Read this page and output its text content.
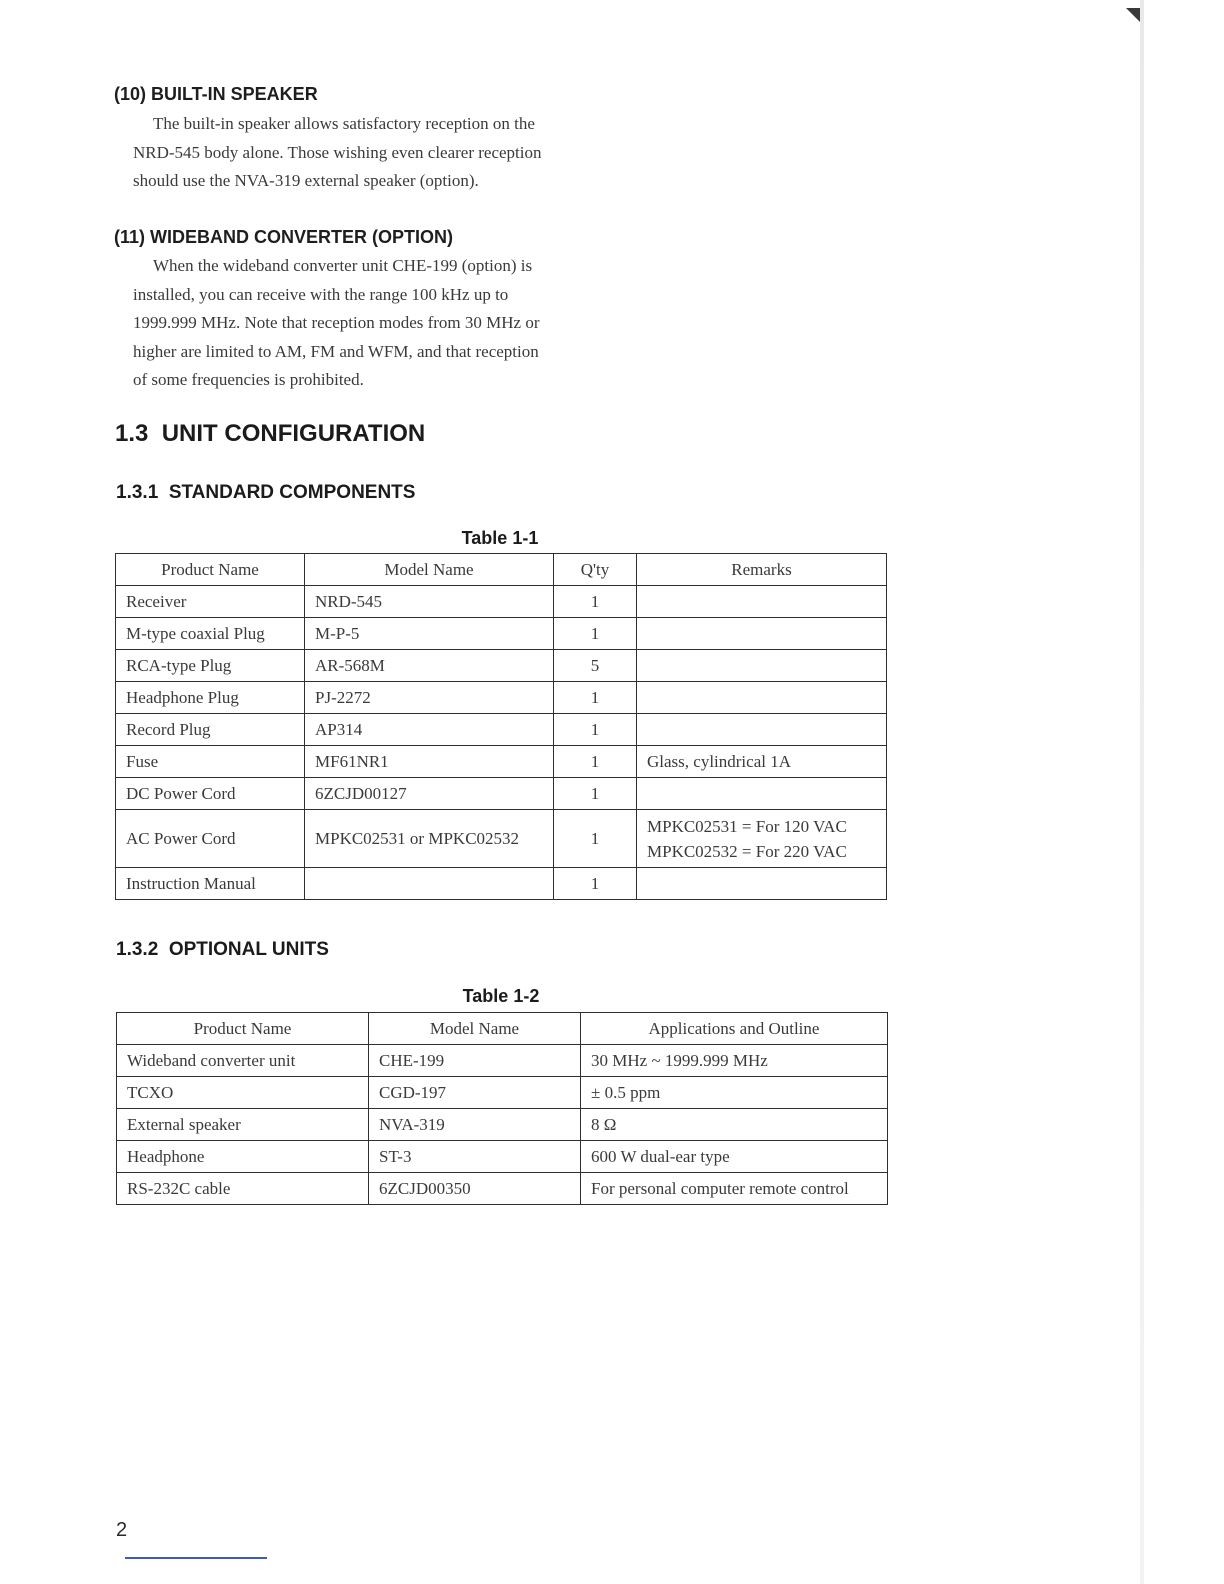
(10) BUILT-IN SPEAKER
The built-in speaker allows satisfactory reception on the
NRD-545 body alone. Those wishing even clearer reception
should use the NVA-319 external speaker (option).
(11) WIDEBAND CONVERTER (OPTION)
When the wideband converter unit CHE-199 (option) is
installed, you can receive with the range 100 kHz up to
1999.999 MHz. Note that reception modes from 30 MHz or
higher are limited to AM, FM and WFM, and that reception
of some frequencies is prohibited.
1.3  UNIT CONFIGURATION
1.3.1  STANDARD COMPONENTS
Table 1-1
Product Name	Model Name	Q'ty	Remarks
Receiver	NRD-545	1	
M-type coaxial Plug	M-P-5	1	
RCA-type Plug	AR-568M	5	
Headphone Plug	PJ-2272	1	
Record Plug	AP314	1	
Fuse	MF61NR1	1	Glass, cylindrical 1A
DC Power Cord	6ZCJD00127	1	
AC Power Cord	MPKC02531 or MPKC02532	1	MPKC02531 = For 120 VAC
MPKC02532 = For 220 VAC

Instruction Manual		1	
1.3.2  OPTIONAL UNITS
Table 1-2
Product Name	Model Name	Applications and Outline
Wideband converter unit	CHE-199	30 MHz ~ 1999.999 MHz
TCXO	CGD-197	± 0.5 ppm
External speaker	NVA-319	8 Ω
Headphone	ST-3	600 W dual-ear type
RS-232C cable	6ZCJD00350	For personal computer remote control
2
